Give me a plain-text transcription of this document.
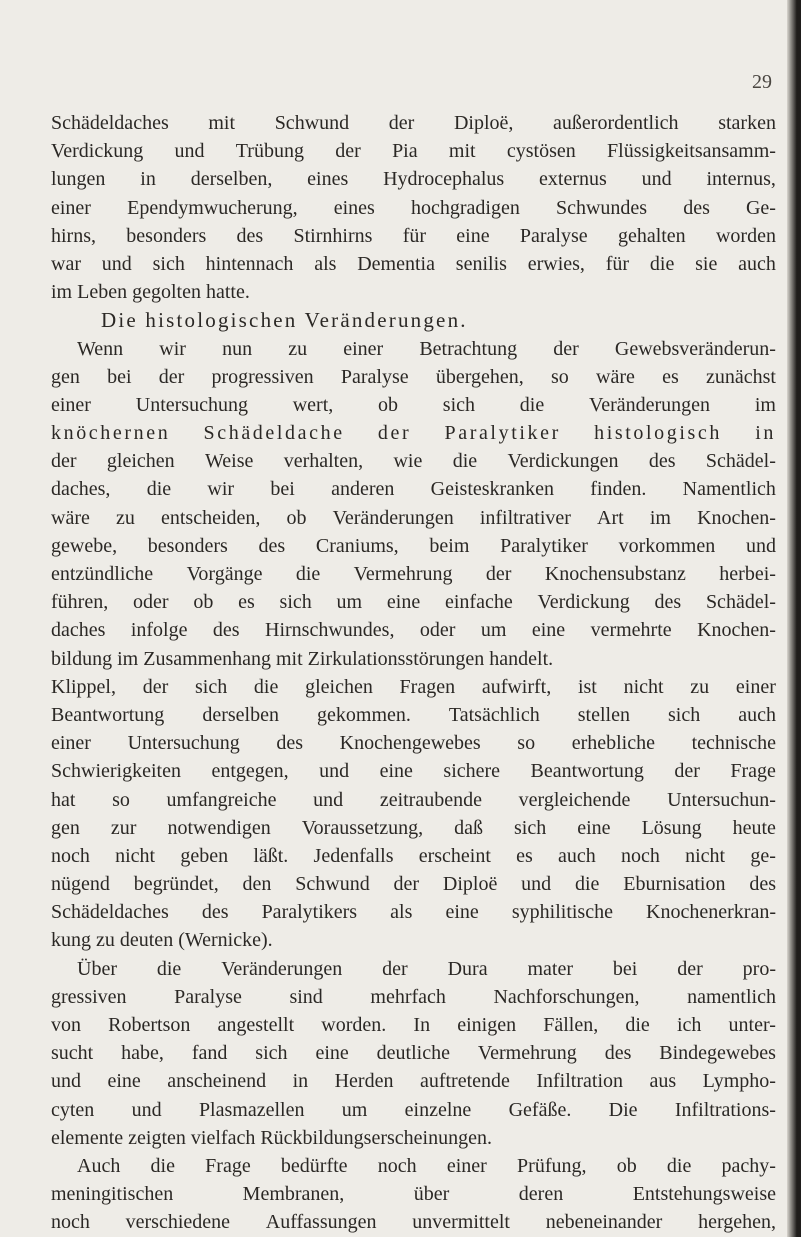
29
Schädeldaches mit Schwund der Diploë, außerordentlich starken
Verdickung und Trübung der Pia mit cystösen Flüssigkeitsansamm-
lungen in derselben, eines Hydrocephalus externus und internus,
einer Ependymwucherung, eines hochgradigen Schwundes des Ge-
hirns, besonders des Stirnhirns für eine Paralyse gehalten worden
war und sich hintennach als Dementia senilis erwies, für die sie auch
im Leben gegolten hatte.
Die histologischen Veränderungen.
Wenn wir nun zu einer Betrachtung der Gewebsveränderun-
gen bei der progressiven Paralyse übergehen, so wäre es zunächst
einer Untersuchung wert, ob sich die Veränderungen im
knöchernen Schädeldache der Paralytiker histologisch in
der gleichen Weise verhalten, wie die Verdickungen des Schädel-
daches, die wir bei anderen Geisteskranken finden. Namentlich
wäre zu entscheiden, ob Veränderungen infiltrativer Art im Knochen-
gewebe, besonders des Craniums, beim Paralytiker vorkommen und
entzündliche Vorgänge die Vermehrung der Knochensubstanz herbei-
führen, oder ob es sich um eine einfache Verdickung des Schädel-
daches infolge des Hirnschwundes, oder um eine vermehrte Knochen-
bildung im Zusammenhang mit Zirkulationsstörungen handelt.
Klippel, der sich die gleichen Fragen aufwirft, ist nicht zu einer
Beantwortung derselben gekommen. Tatsächlich stellen sich auch
einer Untersuchung des Knochengewebes so erhebliche technische
Schwierigkeiten entgegen, und eine sichere Beantwortung der Frage
hat so umfangreiche und zeitraubende vergleichende Untersuchun-
gen zur notwendigen Voraussetzung, daß sich eine Lösung heute
noch nicht geben läßt. Jedenfalls erscheint es auch noch nicht ge-
nügend begründet, den Schwund der Diploë und die Eburnisation des
Schädeldaches des Paralytikers als eine syphilitische Knochenerkran-
kung zu deuten (Wernicke).
Über die Veränderungen der Dura mater bei der pro-
gressiven Paralyse sind mehrfach Nachforschungen, namentlich
von Robertson angestellt worden. In einigen Fällen, die ich unter-
sucht habe, fand sich eine deutliche Vermehrung des Bindegewebes
und eine anscheinend in Herden auftretende Infiltration aus Lympho-
cyten und Plasmazellen um einzelne Gefäße. Die Infiltrations-
elemente zeigten vielfach Rückbildungserscheinungen.
Auch die Frage bedürfte noch einer Prüfung, ob die pachy-
meningitischen	Membranen,	über	deren	Entstehungsweise
noch verschiedene Auffassungen unvermittelt nebeneinander hergehen,
